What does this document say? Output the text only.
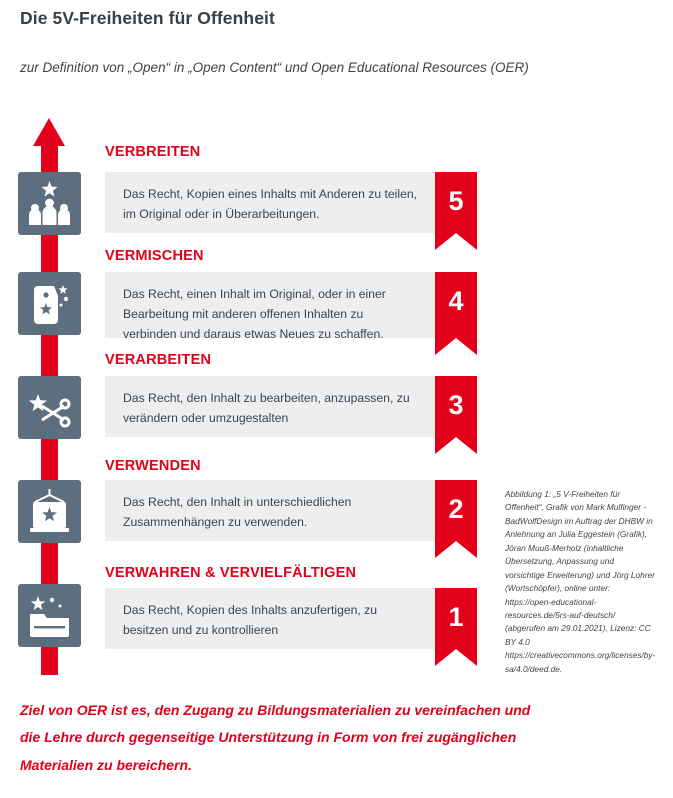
Die 5V-Freiheiten für Offenheit
zur Definition von „Open“ in „Open Content“ und Open Educational Resources (OER)
VERBREITEN
Das Recht, Kopien eines Inhalts mit Anderen zu teilen, im Original oder in Überarbeitungen.	5
VERMISCHEN
Das Recht, einen Inhalt im Original, oder in einer Bearbeitung mit anderen offenen Inhalten zu verbinden und daraus etwas Neues zu schaffen.
4
VERARBEITEN
Das Recht, den Inhalt zu bearbeiten, anzupassen, zu verändern oder umzugestalten	3
VERWENDEN
Das Recht, den Inhalt in unterschiedlichen Zusammenhängen zu verwenden.	2
VERWAHREN & VERVIELFÄLTIGEN
Das Recht, Kopien des Inhalts anzufertigen, zu besitzen und zu kontrollieren	1
Abbildung 1: „5 V-Freiheiten für Offenheit“, Grafik von Mark Mulfinger - BadWolfDesign im Auftrag der DHBW in Anlehnung an Julia Eggestein (Grafik), Jöran Muuß-Merholz (inhaltliche Übersetzung, Anpassung und vorsichtige Erweiterung) und Jörg Lohrer (Wortschöpfer), online unter: https://open-educational-resources.de/5rs-auf-deutsch/ (abgerufen am 29.01.2021), Lizenz: CC BY 4.0 https://creativecommons.org/licenses/by-sa/4.0/deed.de.
Ziel von OER ist es, den Zugang zu Bildungsmaterialien zu vereinfachen und die Lehre durch gegenseitige Unterstützung in Form von frei zugänglichen Materialien zu bereichern.
